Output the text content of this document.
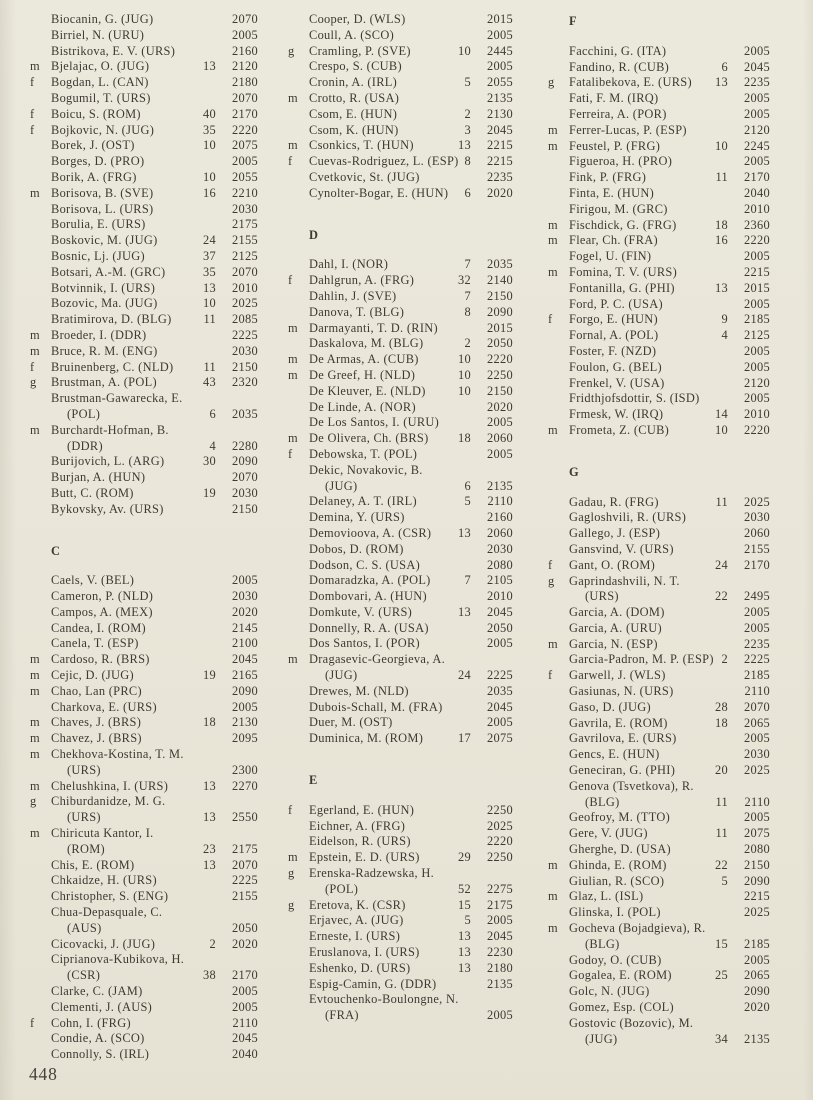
Biocanin, G. (JUG)	2070
Birriel, N. (URU)	2005
Bistrikova, E. V. (URS)	2160
m Bjelajac, O. (JUG)	13 2120
f	Bogdan, L. (CAN)	2180
Bogumil, T. (URS)	2070
f	Boicu, S. (ROM)	40 2170
f	Bojkovic, N. (JUG)	35 2220
Borek, J. (OST)	10 2075
Borges, D. (PRO)	2005
Borik, A. (FRG)	10 2055
m Borisova, B. (SVE)	16 2210
Borisova, L. (URS)	2030
Borulia, E. (URS)	2175
Boskovic, M. (JUG)	24 2155
Bosnic, Lj. (JUG)	37 2125
Botsari, A.-M. (GRC)	35 2070
Botvinnik, I. (URS)	13 2010
Bozovic, Ma. (JUG)	10 2025
Bratimirova, D. (BLG)	11 2085
m Broeder, I. (DDR)	2225
m Bruce, R. M. (ENG)	2030
f	Bruinenberg, C. (NLD)	11 2150
g	Brustman, A. (POL)	43 2320
Brustman-Gawarecka, E.
(POL)	6 2035
m Burchardt-Hofman, B.
(DDR)	4 2280
Burijovich, L. (ARG)	30 2090
Burjan, A. (HUN)	2070
Butt, C. (ROM)	19 2030
Bykovsky, Av. (URS)	2150
C
Caels, V. (BEL)	2005
Cameron, P. (NLD)	2030
Campos, A. (MEX)	2020
Candea, I. (ROM)	2145
Canela, T. (ESP)	2100
m Cardoso, R. (BRS)	2045
m Cejic, D. (JUG)	19 2165
m Chao, Lan (PRC)	2090
Charkova, E. (URS)	2005
m Chaves, J. (BRS)	18 2130
m Chavez, J. (BRS)	2095
m Chekhova-Kostina, T. M.
(URS)	2300
m Chelushkina, I. (URS)	13 2270
g	Chiburdanidze, M. G.
(URS)	13 2550
m Chiricuta Kantor, I.
(ROM)	23 2175
Chis, E. (ROM)	13 2070
Chkaidze, H. (URS)	2225
Christopher, S. (ENG)	2155
Chua-Depasquale, C.
(AUS)	2050
Cicovacki, J. (JUG)	2 2020
Ciprianova-Kubikova, H.
(CSR)	38 2170
Clarke, C. (JAM)	2005
Clementi, J. (AUS)	2005
f	Cohn, I. (FRG)	2110
Condie, A. (SCO)	2045
Connolly, S. (IRL)	2040
Cooper, D. (WLS)	2015
Coull, A. (SCO)	2005
g	Cramling, P. (SVE)	10 2445
Crespo, S. (CUB)	2005
Cronin, A. (IRL)	5 2055
m Crotto, R. (USA)	2135
Csom, E. (HUN)	2 2130
Csom, K. (HUN)	3 2045
m Csonkics, T. (HUN)	13 2215
f	Cuevas-Rodriguez, L. (ESP) 8 2215
Cvetkovic, St. (JUG)	2235
Cynolter-Bogar, E. (HUN)	6 2020
D
Dahl, I. (NOR)	7 2035
f	Dahlgrun, A. (FRG)	32 2140
Dahlin, J. (SVE)	7 2150
Danova, T. (BLG)	8 2090
m Darmayanti, T. D. (RIN)	2015
Daskalova, M. (BLG)	2 2050
m De Armas, A. (CUB)	10 2220
m De Greef, H. (NLD)	10 2250
De Kleuver, E. (NLD)	10 2150
De Linde, A. (NOR)	2020
De Los Santos, I. (URU)	2005
m De Olivera, Ch. (BRS)	18 2060
f	Debowska, T. (POL)	2005
Dekic, Novakovic, B.
(JUG)	6 2135
Delaney, A. T. (IRL)	5 2110
Demina, Y. (URS)	2160
Demovioova, A. (CSR)	13 2060
Dobos, D. (ROM)	2030
Dodson, C. S. (USA)	2080
Domaradzka, A. (POL)	7 2105
Dombovari, A. (HUN)	2010
Domkute, V. (URS)	13 2045
Donnelly, R. A. (USA)	2050
Dos Santos, I. (POR)	2005
m Dragasevic-Georgieva, A.
(JUG)	24 2225
Drewes, M. (NLD)	2035
Dubois-Schall, M. (FRA)	2045
Duer, M. (OST)	2005
Duminica, M. (ROM)	17 2075
E
f	Egerland, E. (HUN)	2250
Eichner, A. (FRG)	2025
Eidelson, R. (URS)	2220
m Epstein, E. D. (URS)	29 2250
g	Erenska-Radzewska, H.
(POL)	52 2275
g	Eretova, K. (CSR)	15 2175
Erjavec, A. (JUG)	5 2005
Erneste, I. (URS)	13 2045
Eruslanova, I. (URS)	13 2230
Eshenko, D. (URS)	13 2180
Espig-Camin, G. (DDR)	2135
Evtouchenko-Boulongne, N.
(FRA)	2005
F
Facchini, G. (ITA)	2005
Fandino, R. (CUB)	6 2045
g	Fatalibekova, E. (URS)	13 2235
Fati, F. M. (IRQ)	2005
Ferreira, A. (POR)	2005
m Ferrer-Lucas, P. (ESP)	2120
m Feustel, P. (FRG)	10 2245
Figueroa, H. (PRO)	2005
Fink, P. (FRG)	11 2170
Finta, E. (HUN)	2040
Firigou, M. (GRC)	2010
m Fischdick, G. (FRG)	18 2360
m Flear, Ch. (FRA)	16 2220
Fogel, U. (FIN)	2005
m Fomina, T. V. (URS)	2215
Fontanilla, G. (PHI)	13 2015
Ford, P. C. (USA)	2005
f	Forgo, E. (HUN)	9 2185
Fornal, A. (POL)	4 2125
Foster, F. (NZD)	2005
Foulon, G. (BEL)	2005
Frenkel, V. (USA)	2120
Fridthjofsdottir, S. (ISD)	2005
Frmesk, W. (IRQ)	14 2010
m Frometa, Z. (CUB)	10 2220
G
Gadau, R. (FRG)	11 2025
Gagloshvili, R. (URS)	2030
Gallego, J. (ESP)	2060
Gansvind, V. (URS)	2155
f	Gant, O. (ROM)	24 2170
g	Gaprindashvili, N. T.
(URS)	22 2495
Garcia, A. (DOM)	2005
Garcia, A. (URU)	2005
m Garcia, N. (ESP)	2235
Garcia-Padron, M. P. (ESP) 2 2225
f	Garwell, J. (WLS)	2185
Gasiunas, N. (URS)	2110
Gaso, D. (JUG)	28 2070
Gavrila, E. (ROM)	18 2065
Gavrilova, E. (URS)	2005
Gencs, E. (HUN)	2030
Geneciran, G. (PHI)	20 2025
Genova (Tsvetkova), R.
(BLG)	11 2110
Geofroy, M. (TTO)	2005
Gere, V. (JUG)	11 2075
Gherghe, D. (USA)	2080
m Ghinda, E. (ROM)	22 2150
Giulian, R. (SCO)	5 2090
m Glaz, L. (ISL)	2215
Glinska, I. (POL)	2025
m Gocheva (Bojadgieva), R.
(BLG)	15 2185
Godoy, O. (CUB)	2005
Gogalea, E. (ROM)	25 2065
Golc, N. (JUG)	2090
Gomez, Esp. (COL)	2020
Gostovic (Bozovic), M.
(JUG)	34 2135
448
